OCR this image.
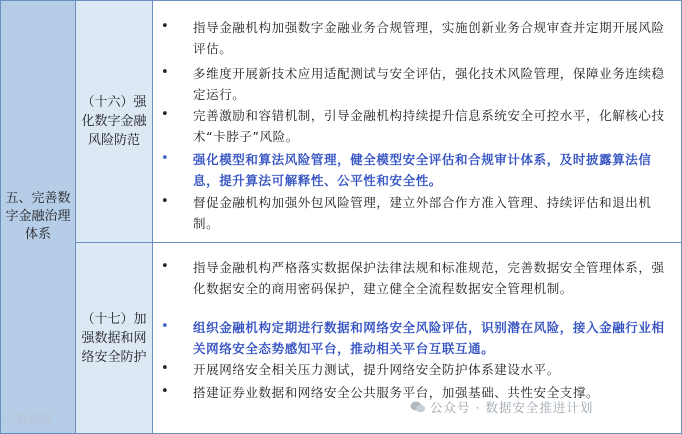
五、完善数字金融治理体系
（十六）强化数字金融风险防范
（十七）加强数据和网络安全防护
• 指导金融机构加强数字金融业务合规管理，实施创新业务合规审查并定期开展风险评估。
• 多维度开展新技术应用适配测试与安全评估，强化技术风险管理，保障业务连续稳定运行。
• 完善激励和容错机制，引导金融机构持续提升信息系统安全可控水平，化解核心技术“卡脖子”风险。
• 强化模型和算法风险管理，健全模型安全评估和合规审计体系，及时披露算法信息，提升算法可解释性、公平性和安全性。
• 督促金融机构加强外包风险管理，建立外部合作方准入管理、持续评估和退出机制。
• 指导金融机构严格落实数据保护法律法规和标准规范，完善数据安全管理体系，强化数据安全的商用密码保护，建立健全全流程数据安全管理机制。
• 组织金融机构定期进行数据和网络安全风险评估，识别潜在风险，接入金融行业相关网络安全态势感知平台，推动相关平台互联互通。
• 开展网络安全相关压力测试，提升网络安全防护体系建设水平。
• 搭建证券业数据和网络安全公共服务平台，加强基础、共性安全支撑。
大数跨境
公众号 · 数据安全推进计划
